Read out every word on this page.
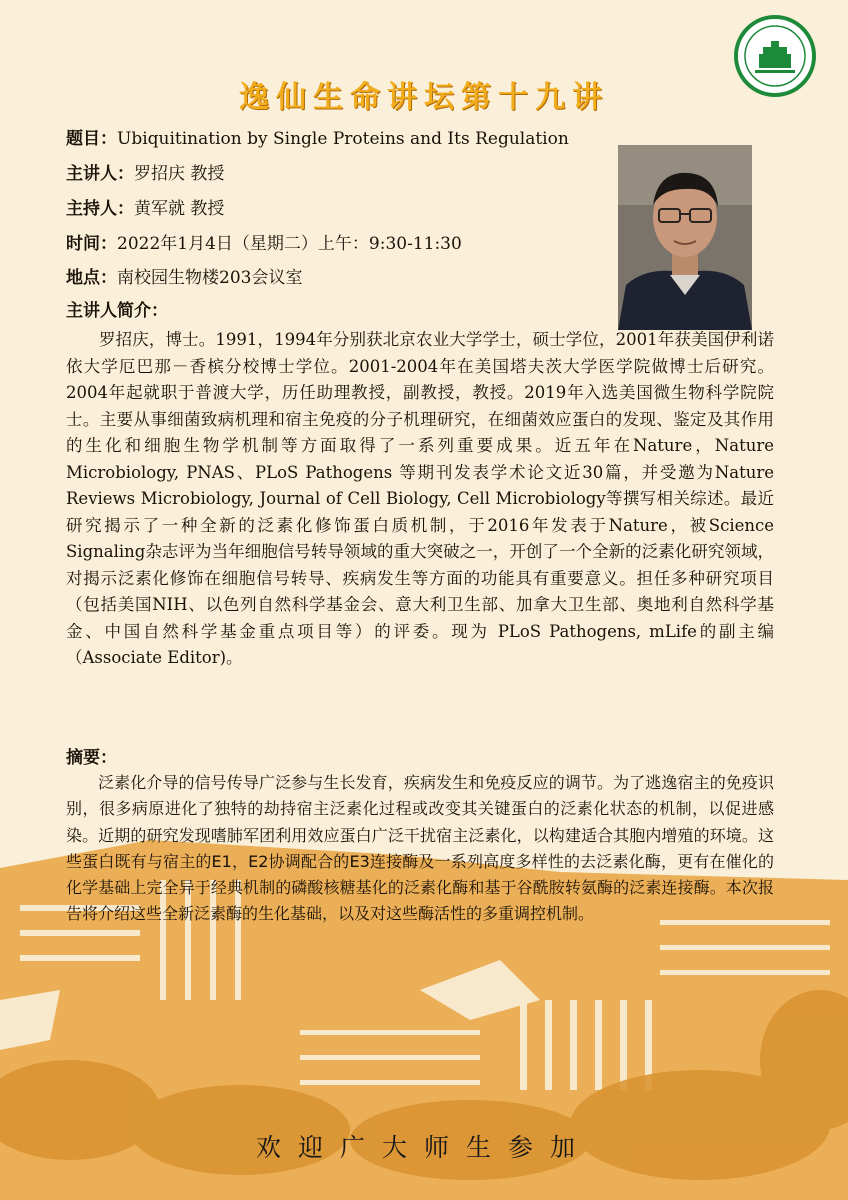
逸仙生命讲坛第十九讲
题目：Ubiquitination by Single Proteins and Its Regulation
主讲人：罗招庆 教授
主持人：黄军就 教授
时间：2022年1月4日（星期二）上午：9:30-11:30
地点：南校园生物楼203会议室
主讲人简介：
罗招庆，博士。1991，1994年分别获北京农业大学学士，硕士学位，2001年获美国伊利诺依大学厄巴那－香槟分校博士学位。2001-2004年在美国塔夫茨大学医学院做博士后研究。2004年起就职于普渡大学，历任助理教授，副教授，教授。2019年入选美国微生物科学院院士。主要从事细菌致病机理和宿主免疫的分子机理研究，在细菌效应蛋白的发现、鉴定及其作用的生化和细胞生物学机制等方面取得了一系列重要成果。近五年在Nature，Nature Microbiology, PNAS、PLoS Pathogens 等期刊发表学术论文近30篇，并受邀为Nature Reviews Microbiology, Journal of Cell Biology, Cell Microbiology等撰写相关综述。最近研究揭示了一种全新的泛素化修饰蛋白质机制，于2016年发表于Nature，被Science Signaling杂志评为当年细胞信号转导领域的重大突破之一，开创了一个全新的泛素化研究领域，对揭示泛素化修饰在细胞信号转导、疾病发生等方面的功能具有重要意义。担任多种研究项目（包括美国NIH、以色列自然科学基金会、意大利卫生部、加拿大卫生部、奥地利自然科学基金、中国自然科学基金重点项目等）的评委。现为 PLoS Pathogens, mLife的副主编（Associate Editor)。
摘要：
泛素化介导的信号传导广泛参与生长发育，疾病发生和免疫反应的调节。为了逃逸宿主的免疫识别，很多病原进化了独特的劫持宿主泛素化过程或改变其关键蛋白的泛素化状态的机制，以促进感染。近期的研究发现嗜肺军团利用效应蛋白广泛干扰宿主泛素化，以构建适合其胞内增殖的环境。这些蛋白既有与宿主的E1，E2协调配合的E3连接酶及一系列高度多样性的去泛素化酶，更有在催化的化学基础上完全异于经典机制的磷酸核糖基化的泛素化酶和基于谷酰胺转氨酶的泛素连接酶。本次报告将介绍这些全新泛素酶的生化基础，以及对这些酶活性的多重调控机制。
欢迎广大师生参加
